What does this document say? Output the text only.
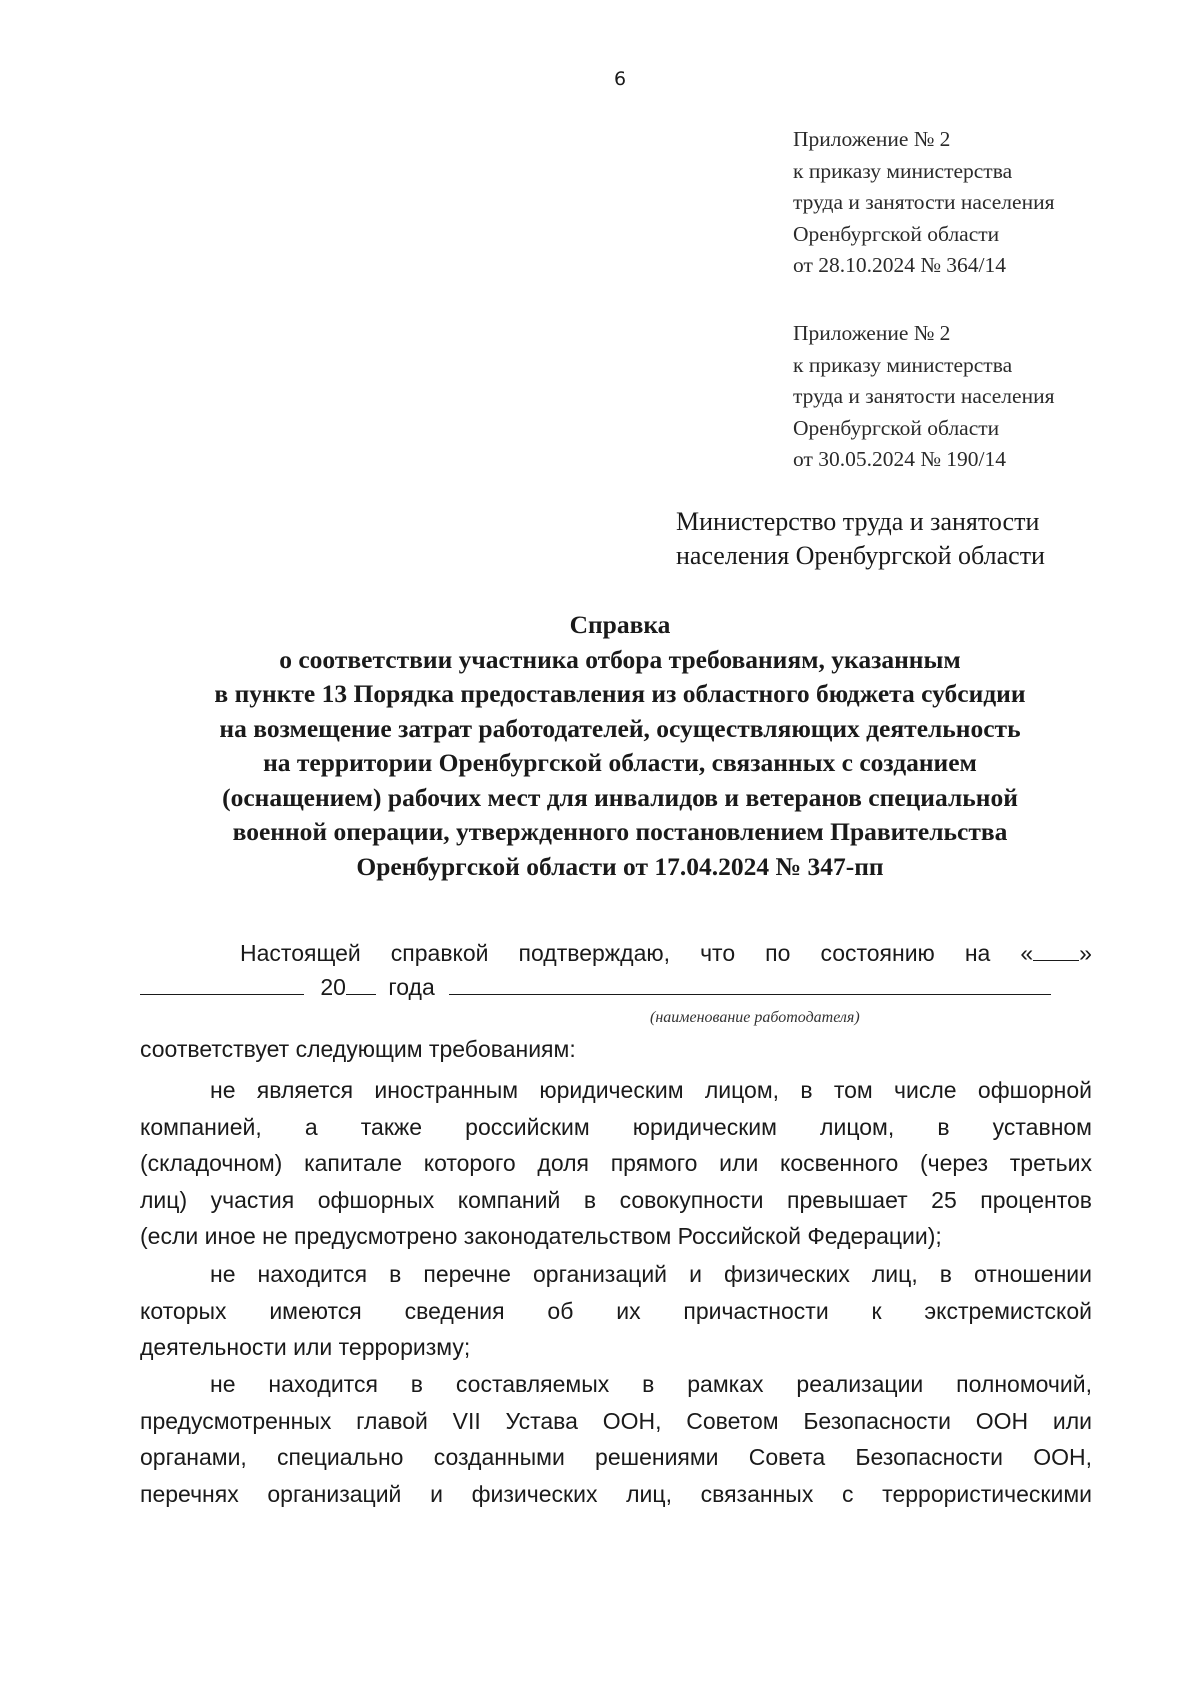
6
Приложение № 2
к приказу министерства
труда и занятости населения
Оренбургской области
от 28.10.2024 № 364/14
Приложение № 2
к приказу министерства
труда и занятости населения
Оренбургской области
от 30.05.2024 № 190/14
Министерство труда и занятости
населения Оренбургской области
Справка
о соответствии участника отбора требованиям, указанным
в пункте 13 Порядка предоставления из областного бюджета субсидии
на возмещение затрат работодателей, осуществляющих деятельность
на территории Оренбургской области, связанных с созданием
(оснащением) рабочих мест для инвалидов и ветеранов специальной
военной операции, утвержденного постановлением Правительства
Оренбургской области от 17.04.2024 № 347-пп
Настоящей справкой подтверждаю, что по состоянию на « »
20 года
(наименование работодателя)
соответствует следующим требованиям:
не является иностранным юридическим лицом, в том числе офшорной
компанией, а также российским юридическим лицом, в уставном
(складочном) капитале которого доля прямого или косвенного (через третьих
лиц) участия офшорных компаний в совокупности превышает 25 процентов
(если иное не предусмотрено законодательством Российской Федерации);
не находится в перечне организаций и физических лиц, в отношении
которых имеются сведения об их причастности к экстремистской
деятельности или терроризму;
не находится в составляемых в рамках реализации полномочий,
предусмотренных главой VII Устава ООН, Советом Безопасности ООН или
органами, специально созданными решениями Совета Безопасности ООН,
перечнях организаций и физических лиц, связанных с террористическими
